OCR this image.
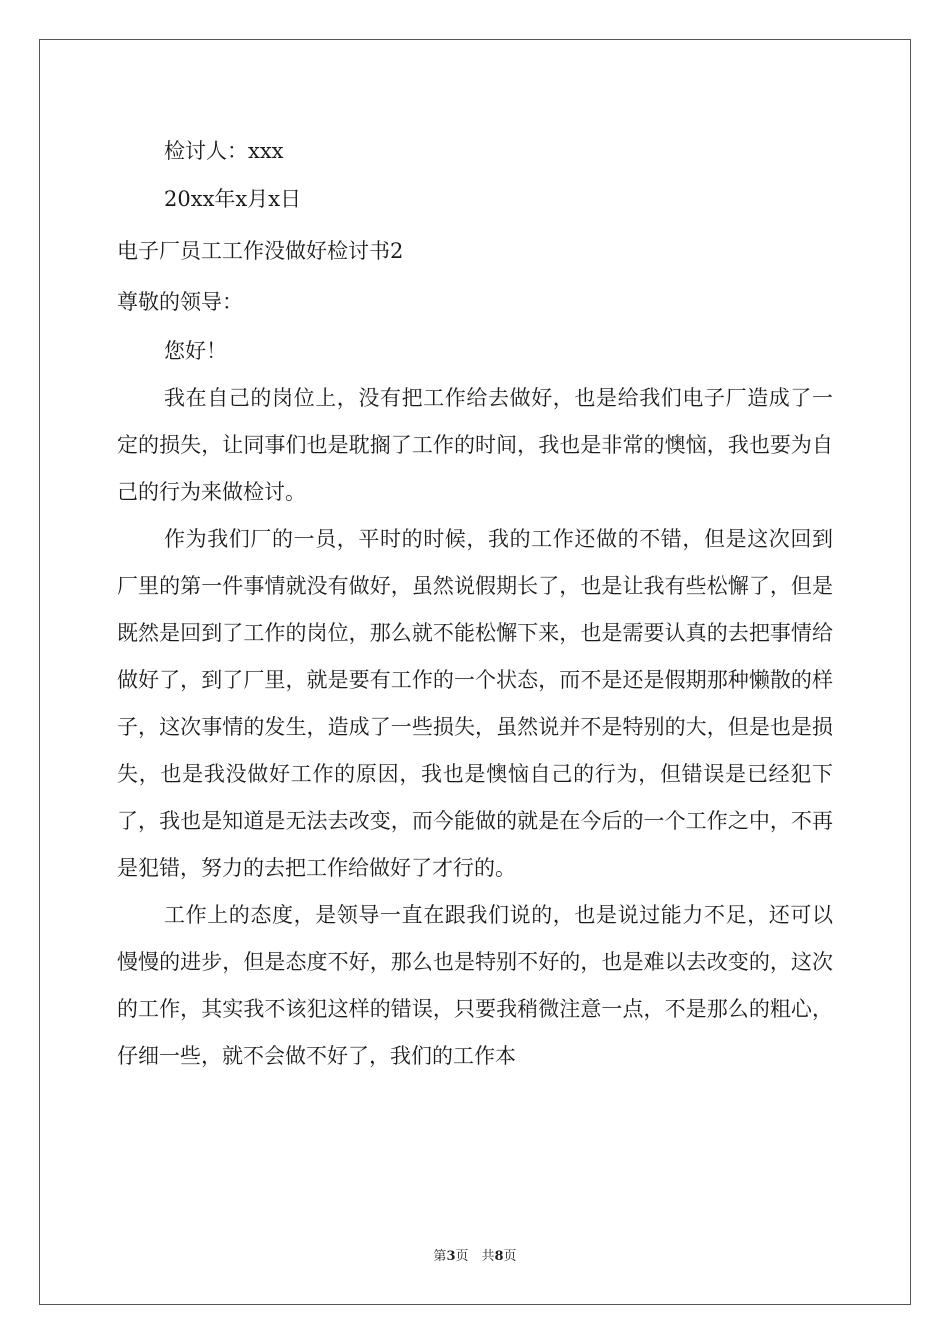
检讨人：xxx
20xx年x月x日
电子厂员工工作没做好检讨书2
尊敬的领导：
您好！

我在自己的岗位上，没有把工作给去做好，也是给我们电子厂造成了一定的损失，让同事们也是耽搁了工作的时间，我也是非常的懊恼，我也要为自己的行为来做检讨。

作为我们厂的一员，平时的时候，我的工作还做的不错，但是这次回到厂里的第一件事情就没有做好，虽然说假期长了，也是让我有些松懈了，但是既然是回到了工作的岗位，那么就不能松懈下来，也是需要认真的去把事情给做好了，到了厂里，就是要有工作的一个状态，而不是还是假期那种懒散的样子，这次事情的发生，造成了一些损失，虽然说并不是特别的大，但是也是损失，也是我没做好工作的原因，我也是懊恼自己的行为，但错误是已经犯下了，我也是知道是无法去改变，而今能做的就是在今后的一个工作之中，不再是犯错，努力的去把工作给做好了才行的。

工作上的态度，是领导一直在跟我们说的，也是说过能力不足，还可以慢慢的进步，但是态度不好，那么也是特别不好的，也是难以去改变的，这次的工作，其实我不该犯这样的错误，只要我稍微注意一点，不是那么的粗心，仔细一些，就不会做不好了，我们的工作本

第3页　共8页
